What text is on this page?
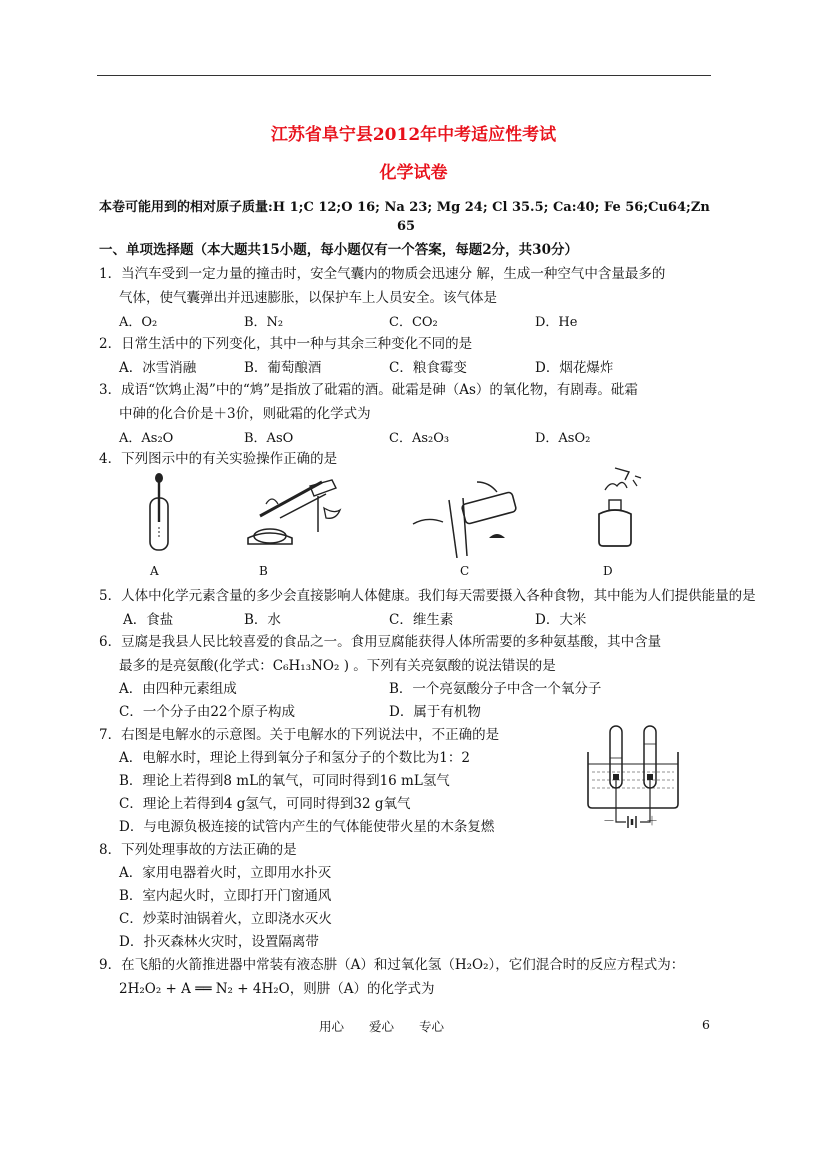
江苏省阜宁县2012年中考适应性考试
化学试卷
本卷可能用到的相对原子质量:H 1;C 12;O 16; Na 23; Mg 24; Cl 35.5; Ca:40; Fe 56;Cu64;Zn
65
一、单项选择题（本大题共15小题，每小题仅有一个答案，每题2分，共30分）
1．当汽车受到一定力量的撞击时，安全气囊内的物质会迅速分 解，生成一种空气中含量最多的
气体，使气囊弹出并迅速膨胀，以保护车上人员安全。该气体是
A．O₂	B．N₂	C．CO₂	D．He
2．日常生活中的下列变化，其中一种与其余三种变化不同的是
A．冰雪消融	B．葡萄酿酒	C．粮食霉变	D．烟花爆炸
3．成语“饮鸩止渴”中的“鸩”是指放了砒霜的酒。砒霜是砷（As）的氧化物，有剧毒。砒霜
中砷的化合价是＋3价，则砒霜的化学式为
A．As₂O	B．AsO	C．As₂O₃	D．AsO₂
4．下列图示中的有关实验操作正确的是
A	B	C	D
5．人体中化学元素含量的多少会直接影响人体健康。我们每天需要摄入各种食物，其中能为人们提供能量的是
A．食盐	B．水	C．维生素	D．大米
6．豆腐是我县人民比较喜爱的食品之一。食用豆腐能获得人体所需要的多种氨基酸，其中含量
最多的是亮氨酸(化学式：C₆H₁₃NO₂ ) 。下列有关亮氨酸的说法错误的是
A．由四种元素组成	B．一个亮氨酸分子中含一个氧分子
C．一个分子由22个原子构成	D．属于有机物
7．右图是电解水的示意图。关于电解水的下列说法中，不正确的是
A．电解水时，理论上得到氧分子和氢分子的个数比为1：2
B．理论上若得到8 mL的氧气，可同时得到16 mL氢气
C．理论上若得到4 g氢气，可同时得到32 g氧气
D．与电源负极连接的试管内产生的气体能使带火星的木条复燃	－	＋
8．下列处理事故的方法正确的是
A．家用电器着火时，立即用水扑灭
B．室内起火时，立即打开门窗通风
C．炒菜时油锅着火，立即浇水灭火
D．扑灭森林火灾时，设置隔离带
9．在飞船的火箭推进器中常装有液态肼（A）和过氧化氢（H₂O₂），它们混合时的反应方程式为：
2H₂O₂ + A ══ N₂ + 4H₂O，则肼（A）的化学式为
用心　　爱心　　专心	6
